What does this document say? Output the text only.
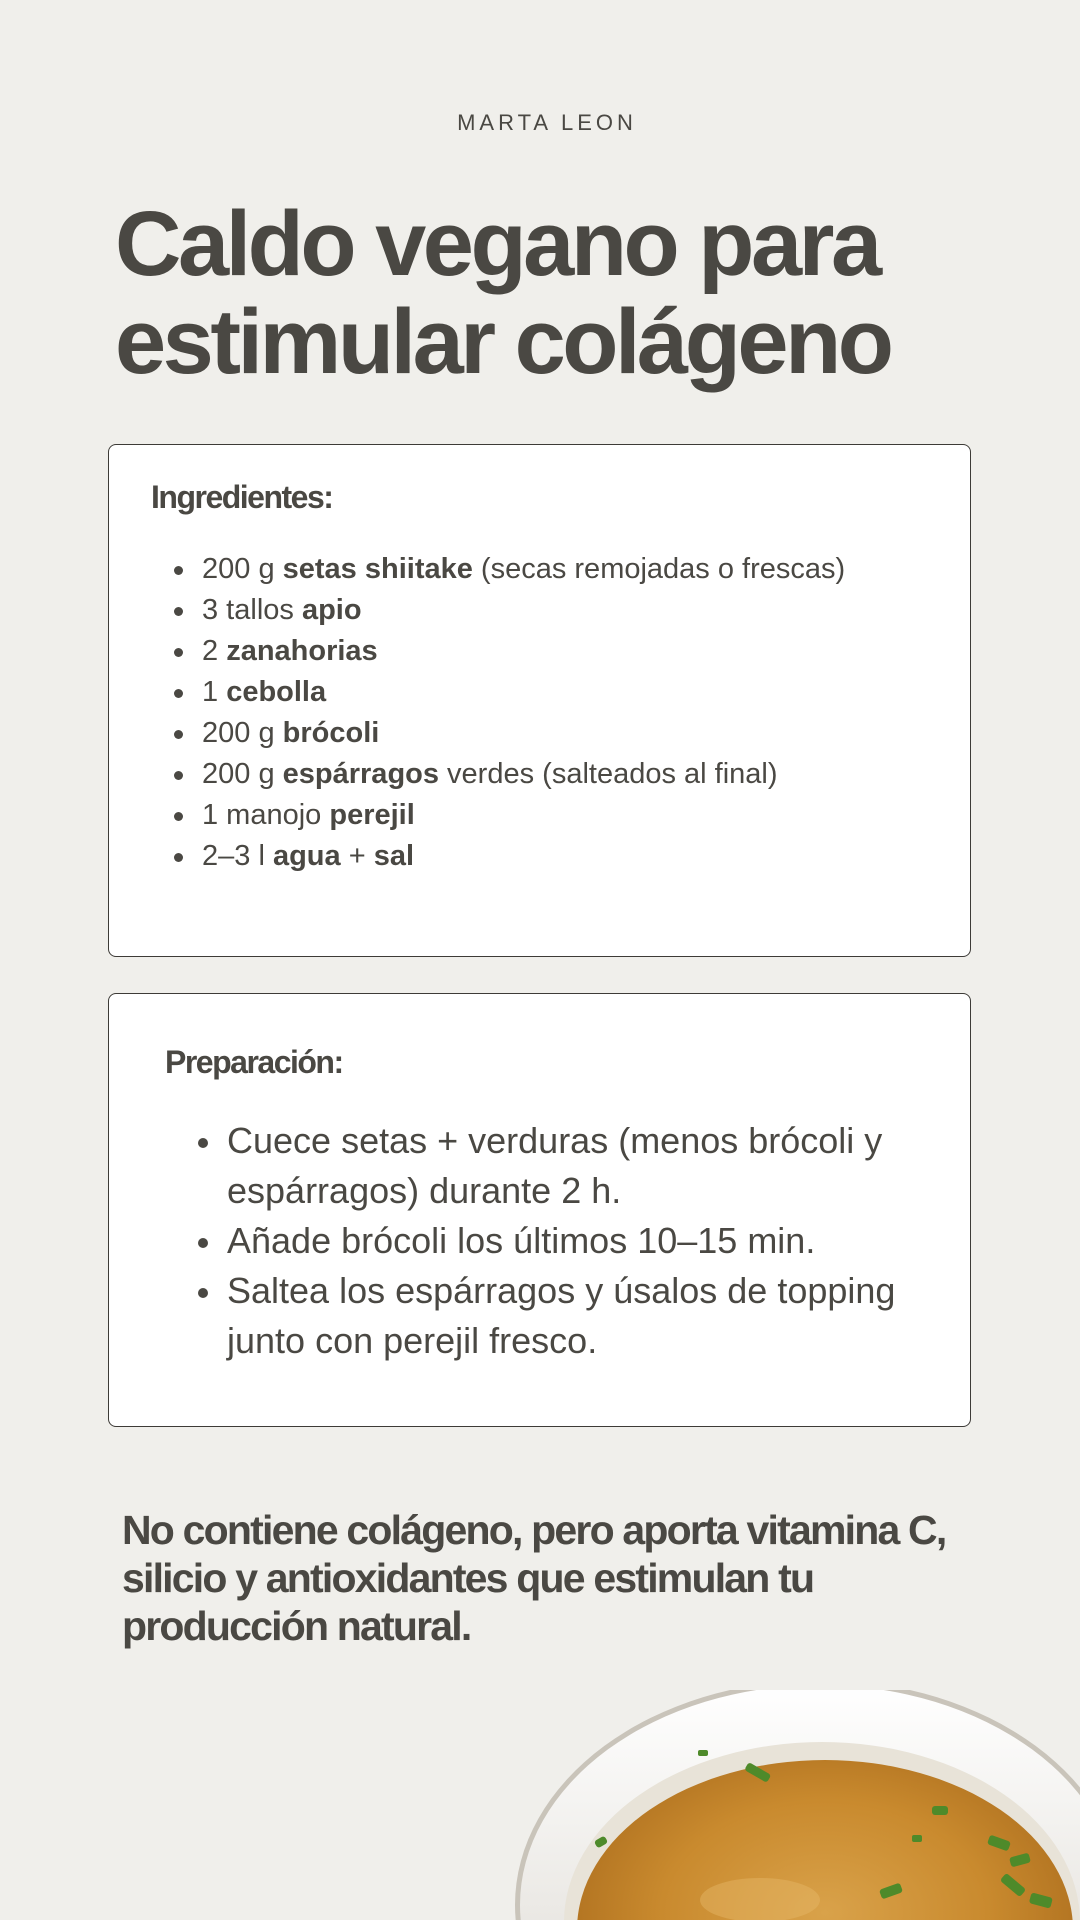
MARTA LEON
Caldo vegano para estimular colágeno
Ingredientes:
200 g setas shiitake (secas remojadas o frescas)
3 tallos apio
2 zanahorias
1 cebolla
200 g brócoli
200 g espárragos verdes (salteados al final)
1 manojo perejil
2–3 l agua + sal
Preparación:
Cuece setas + verduras (menos brócoli y espárragos) durante 2 h.
Añade brócoli los últimos 10–15 min.
Saltea los espárragos y úsalos de topping junto con perejil fresco.

No contiene colágeno, pero aporta vitamina C, silicio y antioxidantes que estimulan tu producción natural.
